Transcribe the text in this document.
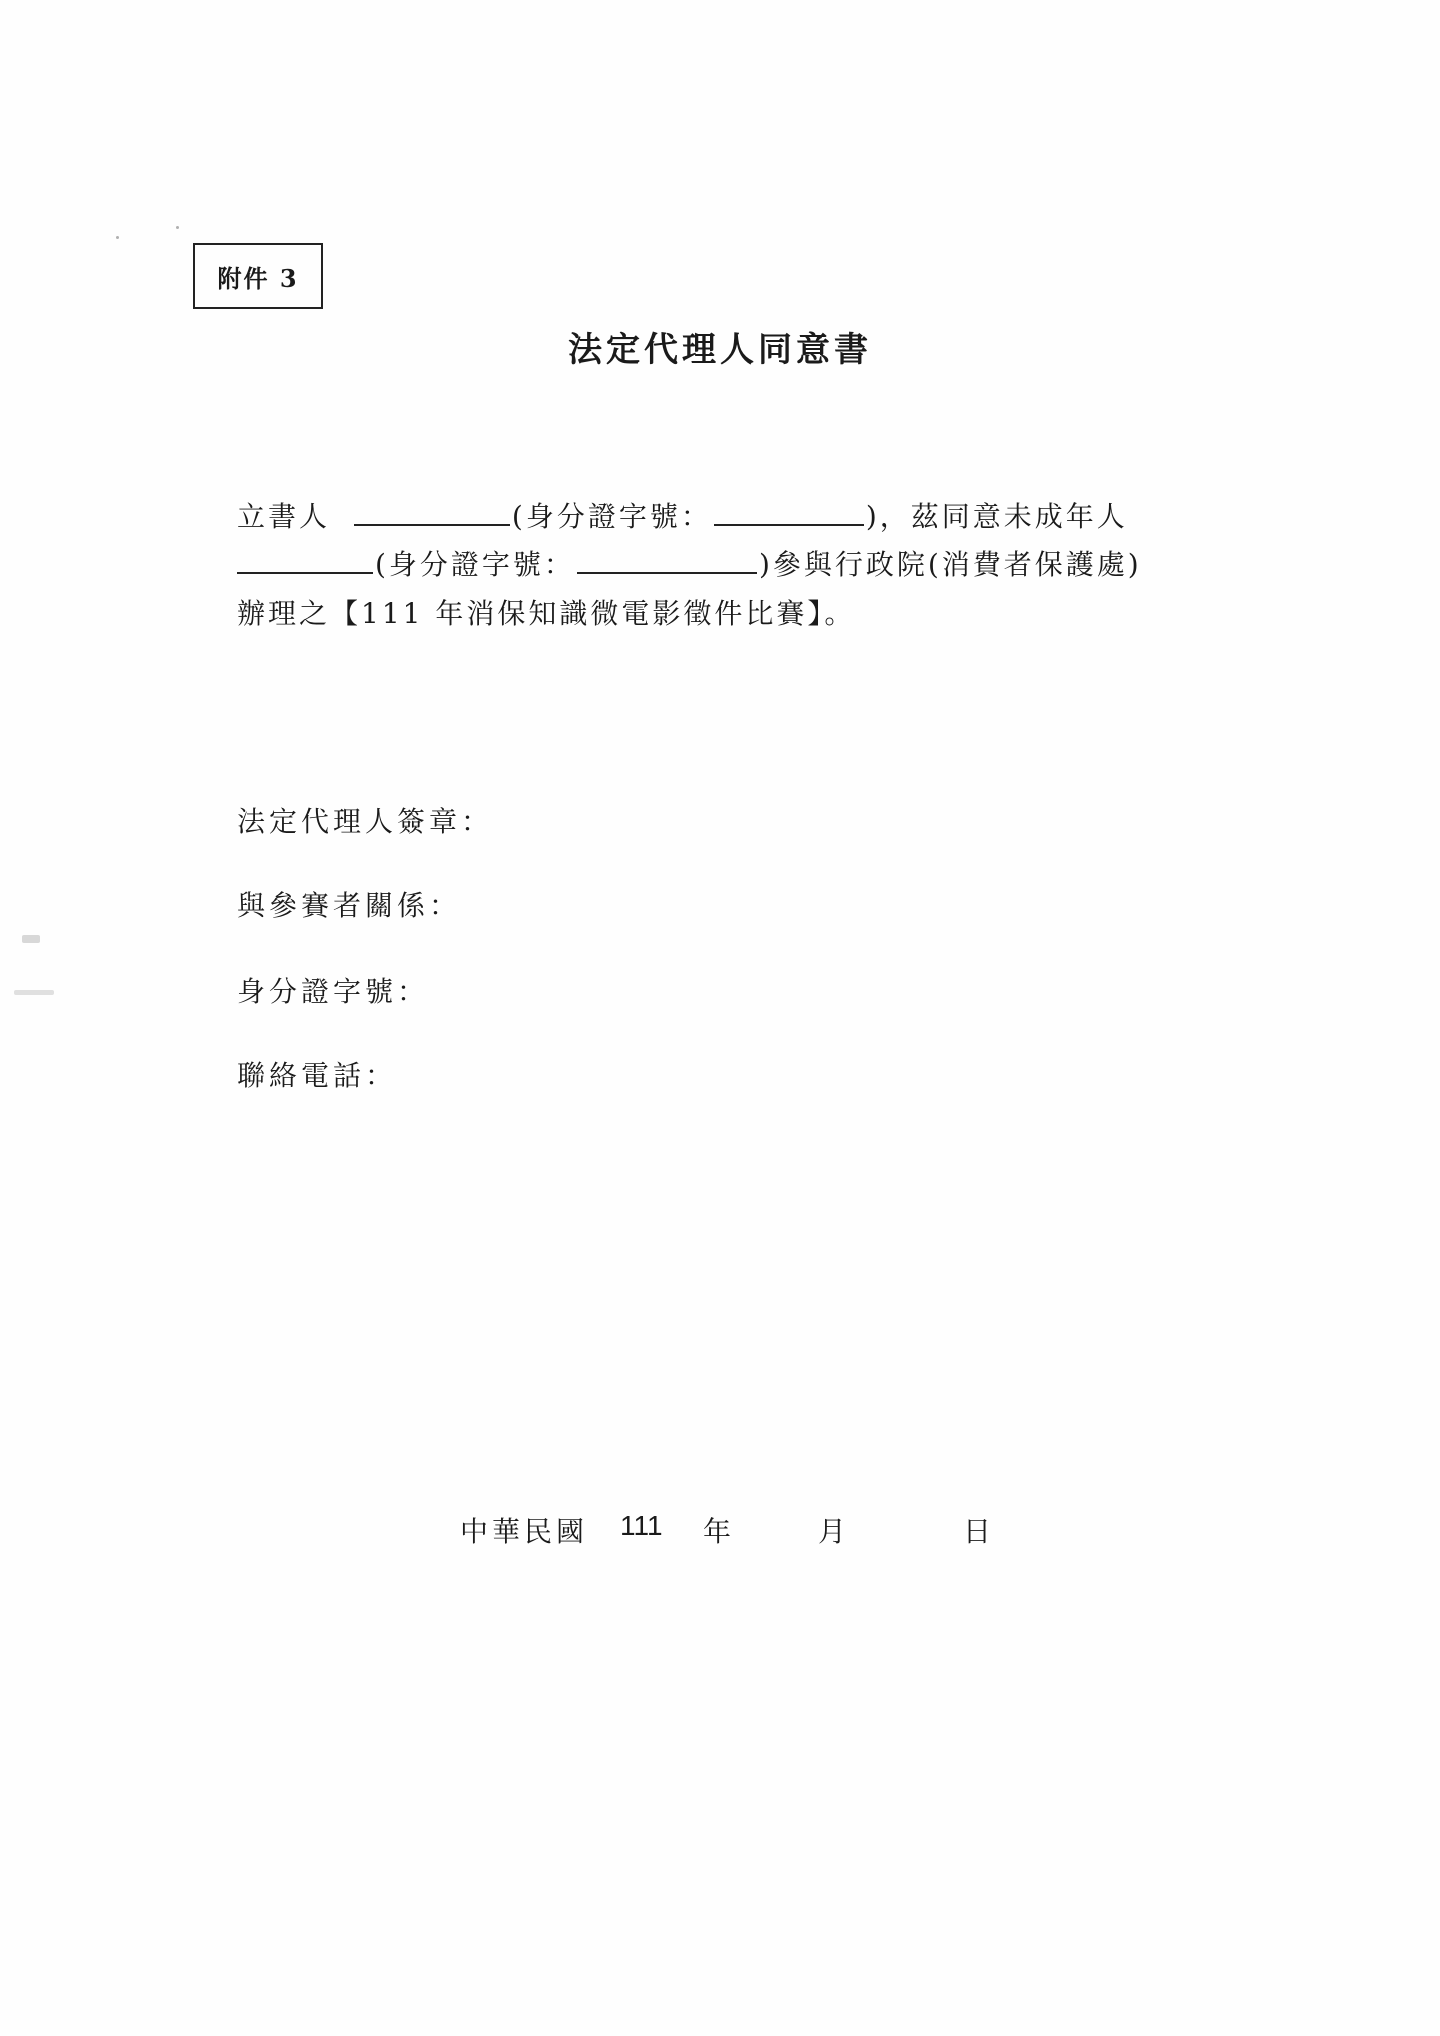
附件 3
法定代理人同意書
立書人	(身分證字號：	)，茲同意未成年人
(身分證字號：	)參與行政院(消費者保護處)
辦理之【111 年消保知識微電影徵件比賽】。
法定代理人簽章：
與參賽者關係：
身分證字號：
聯絡電話：
中華民國 111 年	月	日
